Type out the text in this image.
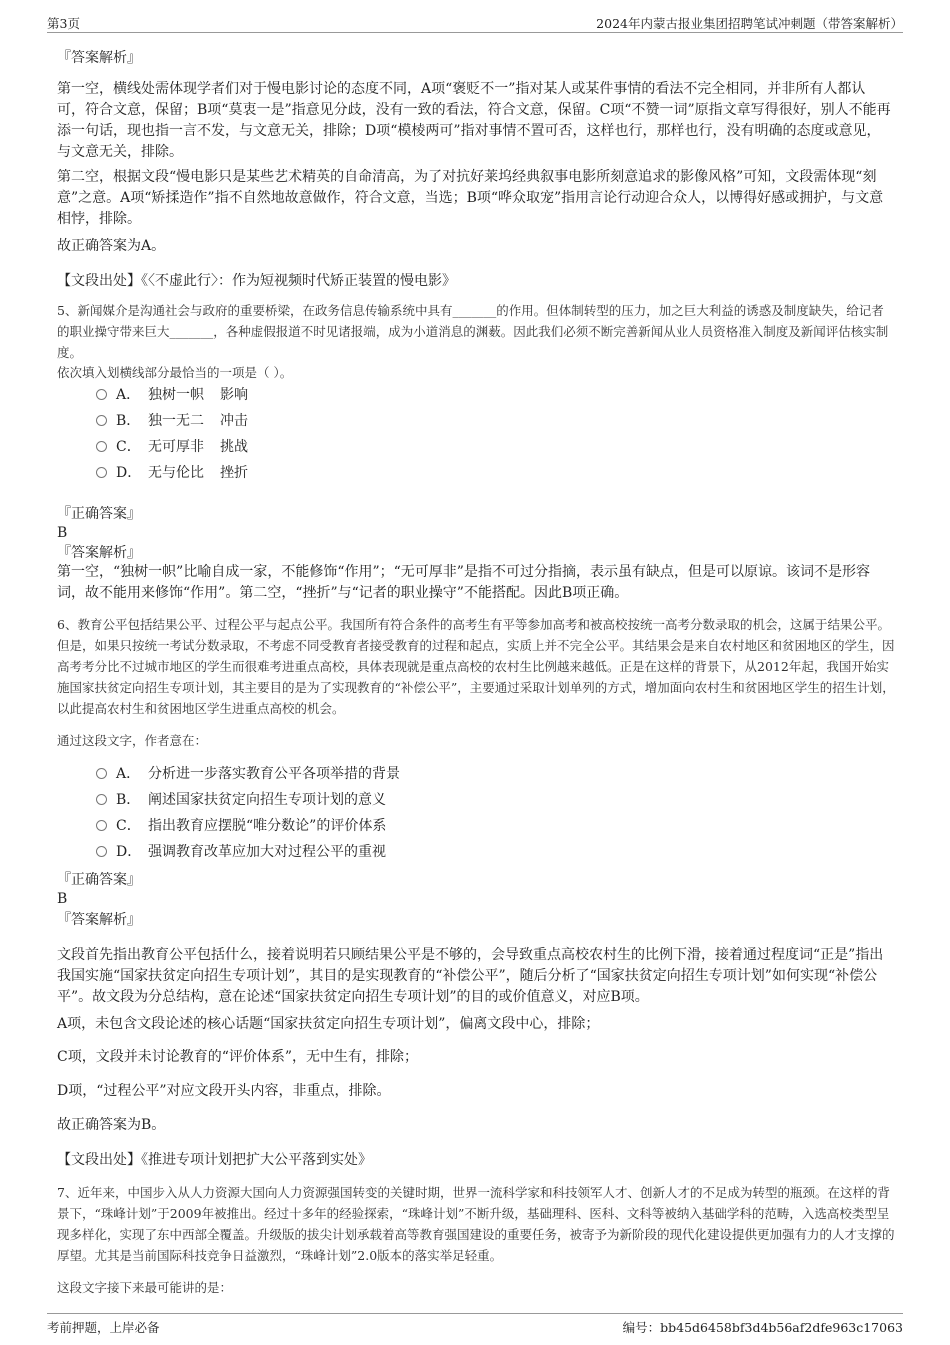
第3页	2024年内蒙古报业集团招聘笔试冲刺题（带答案解析）

『答案解析』

第一空，横线处需体现学者们对于慢电影讨论的态度不同，A项“褒贬不一”指对某人或某件事情的看法不完全相同，并非所有人都认可，符合文意，保留；B项“莫衷一是”指意见分歧，没有一致的看法，符合文意，保留。C项“不赞一词”原指文章写得很好，别人不能再添一句话，现也指一言不发，与文意无关，排除；D项“模棱两可”指对事情不置可否，这样也行，那样也行，没有明确的态度或意见，与文意无关，排除。

第二空，根据文段“慢电影只是某些艺术精英的自命清高，为了对抗好莱坞经典叙事电影所刻意追求的影像风格”可知，文段需体现“刻意”之意。A项“矫揉造作”指不自然地故意做作，符合文意，当选；B项“哗众取宠”指用言论行动迎合众人，以博得好感或拥护，与文意相悖，排除。

故正确答案为A。

【文段出处】《〈不虚此行〉：作为短视频时代矫正装置的慢电影》

5、新闻媒介是沟通社会与政府的重要桥梁，在政务信息传输系统中具有_______的作用。但体制转型的压力，加之巨大利益的诱惑及制度缺失，给记者的职业操守带来巨大_______，各种虚假报道不时见诸报端，成为小道消息的渊薮。因此我们必须不断完善新闻从业人员资格准入制度及新闻评估核实制度。

依次填入划横线部分最恰当的一项是（ ）。

A． 独树一帜 影响
B． 独一无二 冲击
C． 无可厚非 挑战
D． 无与伦比 挫折

『正确答案』

B

『答案解析』

第一空，“独树一帜”比喻自成一家，不能修饰“作用”；“无可厚非”是指不可过分指摘，表示虽有缺点，但是可以原谅。该词不是形容词，故不能用来修饰“作用”。第二空，“挫折”与“记者的职业操守”不能搭配。因此B项正确。

6、教育公平包括结果公平、过程公平与起点公平。我国所有符合条件的高考生有平等参加高考和被高校按统一高考分数录取的机会，这属于结果公平。但是，如果只按统一考试分数录取，不考虑不同受教育者接受教育的过程和起点，实质上并不完全公平。其结果会是来自农村地区和贫困地区的学生，因高考考分比不过城市地区的学生而很难考进重点高校，具体表现就是重点高校的农村生比例越来越低。正是在这样的背景下，从2012年起，我国开始实施国家扶贫定向招生专项计划，其主要目的是为了实现教育的“补偿公平”，主要通过采取计划单列的方式，增加面向农村生和贫困地区学生的招生计划，以此提高农村生和贫困地区学生进重点高校的机会。

通过这段文字，作者意在：

A． 分析进一步落实教育公平各项举措的背景
B． 阐述国家扶贫定向招生专项计划的意义
C． 指出教育应摆脱“唯分数论”的评价体系
D． 强调教育改革应加大对过程公平的重视

『正确答案』

B

『答案解析』

文段首先指出教育公平包括什么，接着说明若只顾结果公平是不够的，会导致重点高校农村生的比例下滑，接着通过程度词“正是”指出我国实施“国家扶贫定向招生专项计划”，其目的是实现教育的“补偿公平”，随后分析了“国家扶贫定向招生专项计划”如何实现“补偿公平”。故文段为分总结构，意在论述“国家扶贫定向招生专项计划”的目的或价值意义，对应B项。

A项，未包含文段论述的核心话题“国家扶贫定向招生专项计划”，偏离文段中心，排除；

C项，文段并未讨论教育的“评价体系”，无中生有，排除；

D项，“过程公平”对应文段开头内容，非重点，排除。

故正确答案为B。

【文段出处】《推进专项计划把扩大公平落到实处》

7、近年来，中国步入从人力资源大国向人力资源强国转变的关键时期，世界一流科学家和科技领军人才、创新人才的不足成为转型的瓶颈。在这样的背景下，“珠峰计划”于2009年被推出。经过十多年的经验探索，“珠峰计划”不断升级，基础理科、医科、文科等被纳入基础学科的范畴，入选高校类型呈现多样化，实现了东中西部全覆盖。升级版的拔尖计划承载着高等教育强国建设的重要任务，被寄予为新阶段的现代化建设提供更加强有力的人才支撑的厚望。尤其是当前国际科技竞争日益激烈，“珠峰计划”2.0版本的落实举足轻重。

这段文字接下来最可能讲的是：

考前押题，上岸必备	编号：bb45d6458bf3d4b56af2dfe963c17063
